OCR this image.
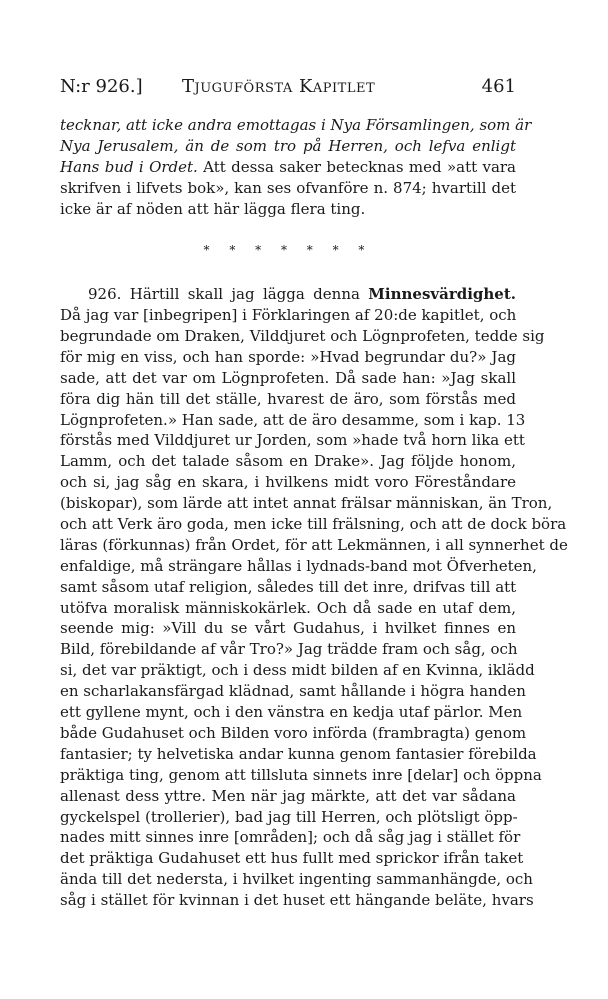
N:r 926.] Tjuguförsta Kapitlet	461
tecknar, att icke andra emottagas i Nya Församlingen, som är
Nya Jerusalem, än de som tro på Herren, och lefva enligt
Hans bud i Ordet. Att dessa saker betecknas med »att vara
skrifven i lifvets bok», kan ses ofvanföre n. 874; hvartill det
icke är af nöden att här lägga flera ting.
* * * * * * *
926. Härtill skall jag lägga denna Minnesvärdighet.
Då jag var [inbegripen] i Förklaringen af 20:de kapitlet, och
begrundade om Draken, Vilddjuret och Lögnprofeten, tedde sig
för mig en viss, och han sporde: »Hvad begrundar du?» Jag
sade, att det var om Lögnprofeten. Då sade han: »Jag skall
föra dig hän till det ställe, hvarest de äro, som förstås med
Lögnprofeten.» Han sade, att de äro desamme, som i kap. 13
förstås med Vilddjuret ur Jorden, som »hade två horn lika ett
Lamm, och det talade såsom en Drake». Jag följde honom,
och si, jag såg en skara, i hvilkens midt voro Föreståndare
(biskopar), som lärde att intet annat frälsar människan, än Tron,
och att Verk äro goda, men icke till frälsning, och att de dock böra
läras (förkunnas) från Ordet, för att Lekmännen, i all synnerhet de
enfaldige, må strängare hållas i lydnads-band mot Öfverheten,
samt såsom utaf religion, således till det inre, drifvas till att
utöfva moralisk människokärlek. Och då sade en utaf dem,
seende mig: »Vill du se vårt Gudahus, i hvilket finnes en
Bild, förebildande af vår Tro?» Jag trädde fram och såg, och
si, det var präktigt, och i dess midt bilden af en Kvinna, iklädd
en scharlakansfärgad klädnad, samt hållande i högra handen
ett gyllene mynt, och i den vänstra en kedja utaf pärlor. Men
både Gudahuset och Bilden voro införda (frambragta) genom
fantasier; ty helvetiska andar kunna genom fantasier förebilda
präktiga ting, genom att tillsluta sinnets inre [delar] och öppna
allenast dess yttre. Men när jag märkte, att det var sådana
gyckelspel (trollerier), bad jag till Herren, och plötsligt öpp-
nades mitt sinnes inre [områden]; och då såg jag i stället för
det präktiga Gudahuset ett hus fullt med sprickor ifrån taket
ända till det nedersta, i hvilket ingenting sammanhängde, och
såg i stället för kvinnan i det huset ett hängande beläte, hvars
